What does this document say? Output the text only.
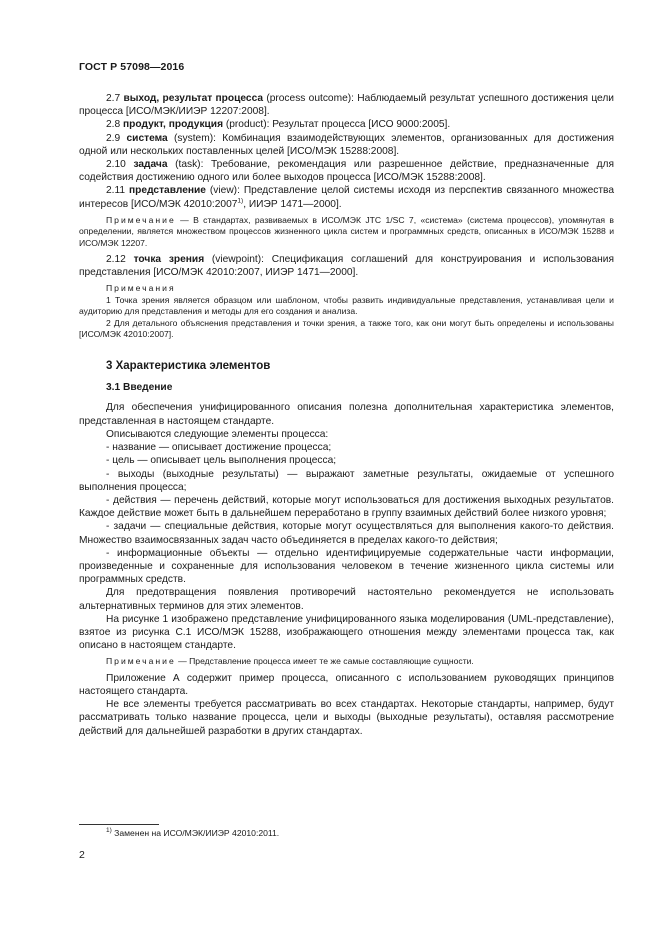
ГОСТ Р 57098—2016

2.7 выход, результат процесса (process outcome): Наблюдаемый результат успешного достижения цели процесса [ИСО/МЭК/ИИЭР 12207:2008].

2.8 продукт, продукция (product): Результат процесса [ИСО 9000:2005].

2.9 система (system): Комбинация взаимодействующих элементов, организованных для достижения одной или нескольких поставленных целей [ИСО/МЭК 15288:2008].

2.10 задача (task): Требование, рекомендация или разрешенное действие, предназначенные для содействия достижению одного или более выходов процесса [ИСО/МЭК 15288:2008].

2.11 представление (view): Представление целой системы исходя из перспектив связанного множества интересов [ИСО/МЭК 42010:2007$^{1)}$, ИИЭР 1471—2000].

Примечание — В стандартах, развиваемых в ИСО/МЭК JTC 1/SC 7, «система» (система процессов), упомянутая в определении, является множеством процессов жизненного цикла систем и программных средств, описанных в ИСО/МЭК 15288 и ИСО/МЭК 12207.

2.12 точка зрения (viewpoint): Спецификация соглашений для конструирования и использования представления [ИСО/МЭК 42010:2007, ИИЭР 1471—2000].

Примечания

1 Точка зрения является образцом или шаблоном, чтобы развить индивидуальные представления, устанавливая цели и аудиторию для представления и методы для его создания и анализа.

2 Для детального объяснения представления и точки зрения, а также того, как они могут быть определены и использованы [ИСО/МЭК 42010:2007].

3 Характеристика элементов

3.1 Введение

Для обеспечения унифицированного описания полезна дополнительная характеристика элементов, представленная в настоящем стандарте.

Описываются следующие элементы процесса:

- название — описывает достижение процесса;

- цель — описывает цель выполнения процесса;

- выходы (выходные результаты) — выражают заметные результаты, ожидаемые от успешного выполнения процесса;

- действия — перечень действий, которые могут использоваться для достижения выходных результатов. Каждое действие может быть в дальнейшем переработано в группу взаимных действий более низкого уровня;

- задачи — специальные действия, которые могут осуществляться для выполнения какого-то действия. Множество взаимосвязанных задач часто объединяется в пределах какого-то действия;

- информационные объекты — отдельно идентифицируемые содержательные части информации, произведенные и сохраненные для использования человеком в течение жизненного цикла системы или программных средств.

Для предотвращения появления противоречий настоятельно рекомендуется не использовать альтернативных терминов для этих элементов.

На рисунке 1 изображено представление унифицированного языка моделирования (UML-представление), взятое из рисунка С.1 ИСО/МЭК 15288, изображающего отношения между элементами процесса так, как описано в настоящем стандарте.

Примечание — Представление процесса имеет те же самые составляющие сущности.

Приложение А содержит пример процесса, описанного с использованием руководящих принципов настоящего стандарта.

Не все элементы требуется рассматривать во всех стандартах. Некоторые стандарты, например, будут рассматривать только название процесса, цели и выходы (выходные результаты), оставляя рассмотрение действий для дальнейшей разработки в других стандартах.

$^{1)}$ Заменен на ИСО/МЭК/ИИЭР 42010:2011.

2
